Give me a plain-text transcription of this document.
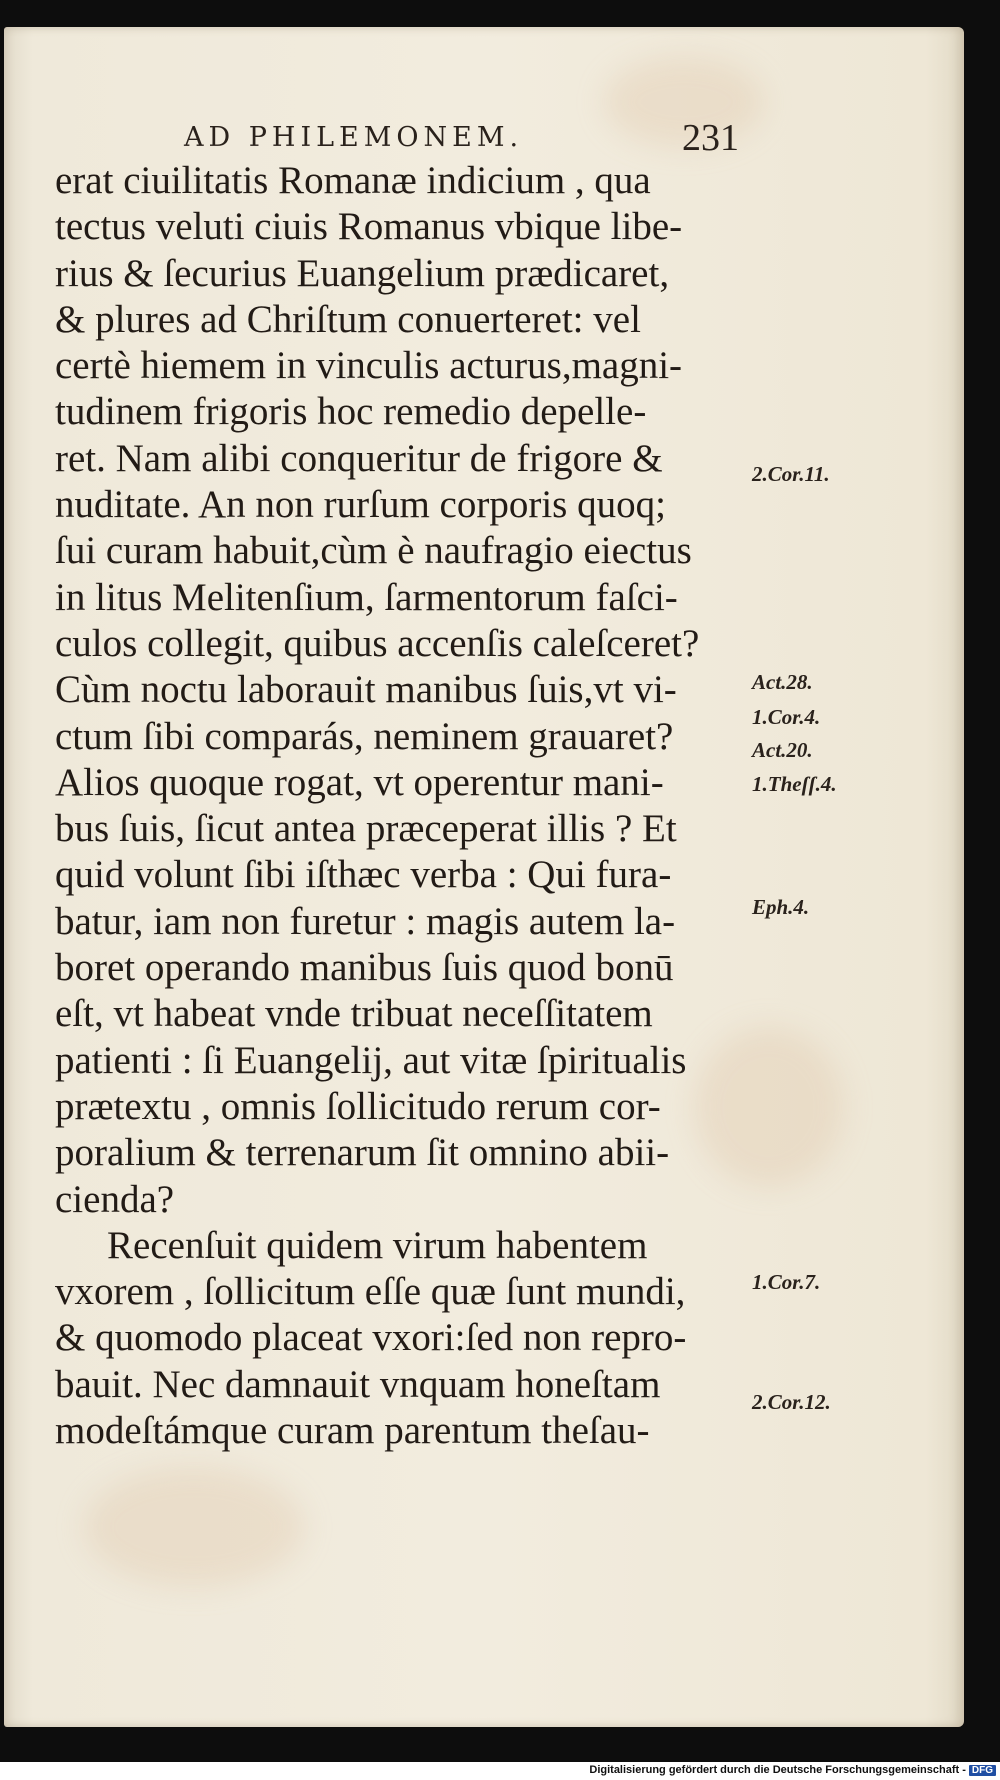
AD PHILEMONEM.	231
erat ciuilitatis Romanæ indicium , qua
tectus veluti ciuis Romanus vbique libe-
rius & ſecurius Euangelium prædicaret,
& plures ad Chriſtum conuerteret: vel
certè hiemem in vinculis acturus,magni-
tudinem frigoris hoc remedio depelle-
ret. Nam alibi conqueritur de frigore &
nuditate. An non rurſum corporis quoq;
ſui curam habuit,cùm è naufragio eiectus
in litus Melitenſium, ſarmentorum faſci-
culos collegit, quibus accenſis caleſceret?
Cùm noctu laborauit manibus ſuis,vt vi-
ctum ſibi comparás, neminem grauaret?
Alios quoque rogat, vt operentur mani-
bus ſuis, ſicut antea præceperat illis ? Et
quid volunt ſibi iſthæc verba : Qui fura-
batur, iam non furetur : magis autem la-
boret operando manibus ſuis quod bonū
eſt, vt habeat vnde tribuat neceſſitatem
patienti : ſi Euangelij, aut vitæ ſpiritualis
prætextu , omnis ſollicitudo rerum cor-
poralium & terrenarum ſit omnino abii-
cienda?
Recenſuit quidem virum habentem
vxorem , ſollicitum eſſe quæ ſunt mundi,
& quomodo placeat vxori:ſed non repro-
bauit. Nec damnauit vnquam honeſtam
modeſtámque curam parentum theſau-
2.Cor.11.
Act.28.
1.Cor.4.
Act.20.
1.Theſſ.4.
Eph.4.
1.Cor.7.
2.Cor.12.
Digitalisierung gefördert durch die Deutsche Forschungsgemeinschaft - DFG
